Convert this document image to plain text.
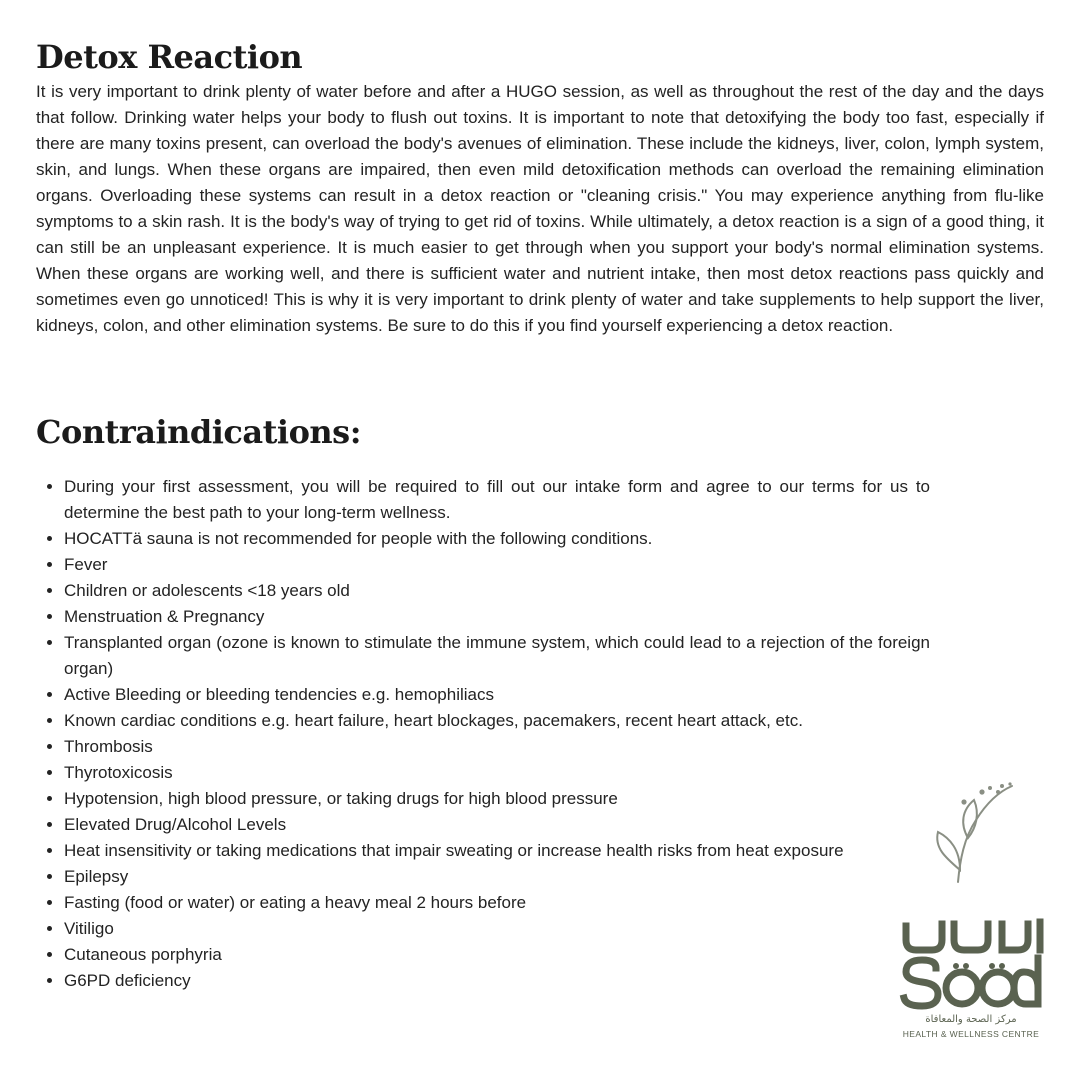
Detox Reaction

It is very important to drink plenty of water before and after a HUGO session, as well as throughout the rest of the day and the days that follow. Drinking water helps your body to flush out toxins. It is important to note that detoxifying the body too fast, especially if there are many toxins present, can overload the body's avenues of elimination. These include the kidneys, liver, colon, lymph system, skin, and lungs. When these organs are impaired, then even mild detoxification methods can overload the remaining elimination organs. Overloading these systems can result in a detox reaction or "cleaning crisis." You may experience anything from flu-like symptoms to a skin rash. It is the body's way of trying to get rid of toxins. While ultimately, a detox reaction is a sign of a good thing, it can still be an unpleasant experience. It is much easier to get through when you support your body's normal elimination systems. When these organs are working well, and there is sufficient water and nutrient intake, then most detox reactions pass quickly and sometimes even go unnoticed! This is why it is very important to drink plenty of water and take supplements to help support the liver, kidneys, colon, and other elimination systems. Be sure to do this if you find yourself experiencing a detox reaction.

Contraindications:
• During your first assessment, you will be required to fill out our intake form and agree to our terms for us to determine the best path to your long-term wellness.
• HOCATTä sauna is not recommended for people with the following conditions.
• Fever
• Children or adolescents <18 years old
• Menstruation & Pregnancy
• Transplanted organ (ozone is known to stimulate the immune system, which could lead to a rejection of the foreign organ)
• Active Bleeding or bleeding tendencies e.g. hemophiliacs
• Known cardiac conditions e.g. heart failure, heart blockages, pacemakers, recent heart attack, etc.
• Thrombosis
• Thyrotoxicosis
• Hypotension, high blood pressure, or taking drugs for high blood pressure
• Elevated Drug/Alcohol Levels
• Heat insensitivity or taking medications that impair sweating or increase health risks from heat exposure
• Epilepsy
• Fasting (food or water) or eating a heavy meal 2 hours before
• Vitiligo
• Cutaneous porphyria
• G6PD deficiency
مركز الصحة والمعافاة
HEALTH & WELLNESS CENTRE
